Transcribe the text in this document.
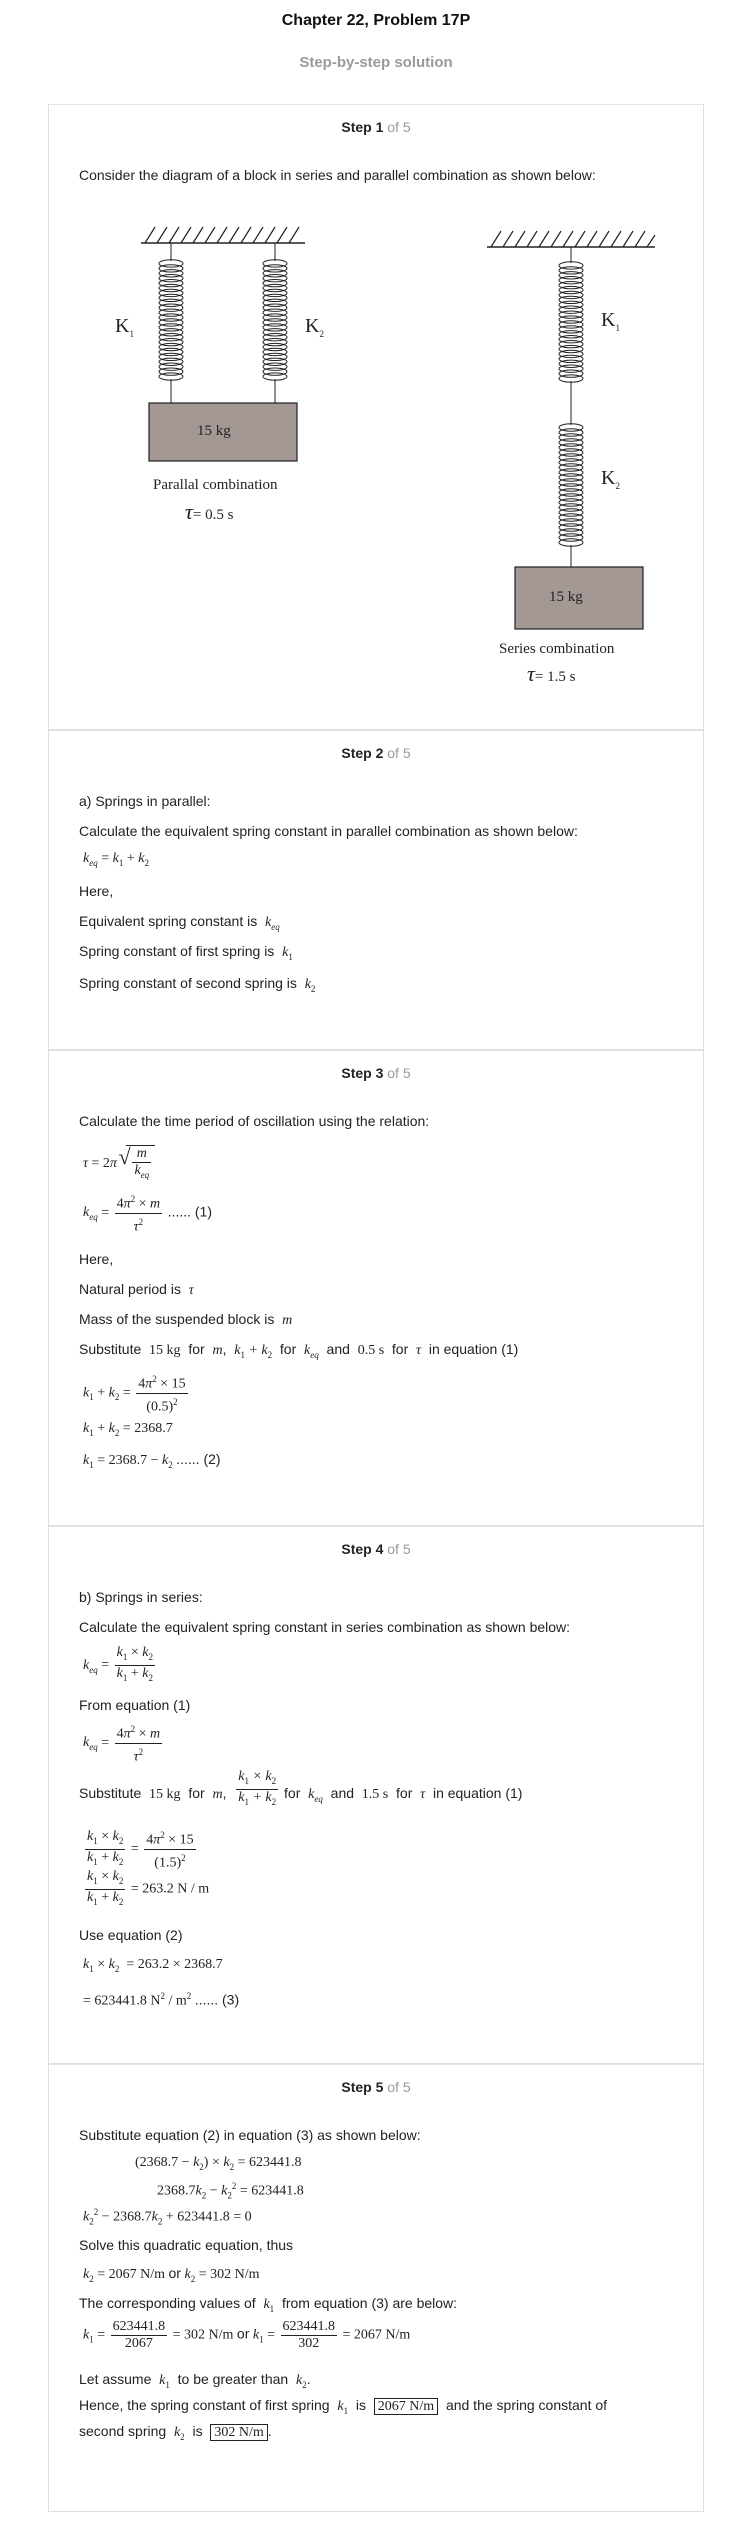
Chapter 22, Problem 17P
Step-by-step solution
Step 1 of 5
Consider the diagram of a block in series and parallel combination as shown below:
$K_1$	$K_2$
15 kg
Parallal combination
τ= 0.5 s
$K_1$
$K_2$
15 kg
Series combination
τ= 1.5 s
Step 2 of 5
a) Springs in parallel:
Calculate the equivalent spring constant in parallel combination as shown below:
$k_{eq} = k_1 + k_2$
Here,
Equivalent spring constant is $k_{eq}$
Spring constant of first spring is $k_1$
Spring constant of second spring is $k_2$
Step 3 of 5
Calculate the time period of oscillation using the relation:
τ = 2π √ $\frac{m}{k_{eq}}$
$k_{eq} = \frac{4\pi^2 \times m}{\tau^2}$ ...... (1)
Here,
Natural period is τ
Mass of the suspended block is m
Substitute 15 kg for m,  $k_1 + k_2$ for $k_{eq}$ and 0.5 s for τ in equation (1)
$k_1 + k_2 = \frac{4\pi^2 \times 15}{(0.5)^2}$
$k_1 + k_2 = 2368.7$
$k_1 = 2368.7 - k_2$ ...... (2)
Step 4 of 5
b) Springs in series:
Calculate the equivalent spring constant in series combination as shown below:
$k_{eq} = \frac{k_1 \times k_2}{k_1 + k_2}$
From equation (1)
$k_{eq} = \frac{4\pi^2 \times m}{\tau^2}$
Substitute 15 kg for m, $\frac{k_1 \times k_2}{k_1 + k_2}$ for $k_{eq}$ and 1.5 s for τ in equation (1)
$\frac{k_1 \times k_2}{k_1 + k_2} = \frac{4\pi^2 \times 15}{(1.5)^2}$
$\frac{k_1 \times k_2}{k_1 + k_2} = 263.2$ N / m
Use equation (2)
$k_1 \times k_2 = 263.2 \times 2368.7$
= 623441.8 $N^2 / m^2$ ...... (3)
Step 5 of 5
Substitute equation (2) in equation (3) as shown below:
$(2368.7 - k_2) \times k_2 = 623441.8$
$2368.7k_2 - k_2^2 = 623441.8$
$k_2^2 - 2368.7k_2 + 623441.8 = 0$
Solve this quadratic equation, thus
$k_2 = 2067$ N/m or $k_2 = 302$ N/m
The corresponding values of $k_1$ from equation (3) are below:
$k_1 = \frac{623441.8}{2067} = 302$ N/m or $k_1 = \frac{623441.8}{302} = 2067$ N/m
Let assume $k_1$ to be greater than $k_2$.
Hence, the spring constant of first spring $k_1$ is 2067 N/m and the spring constant of
second spring $k_2$ is 302 N/m .
